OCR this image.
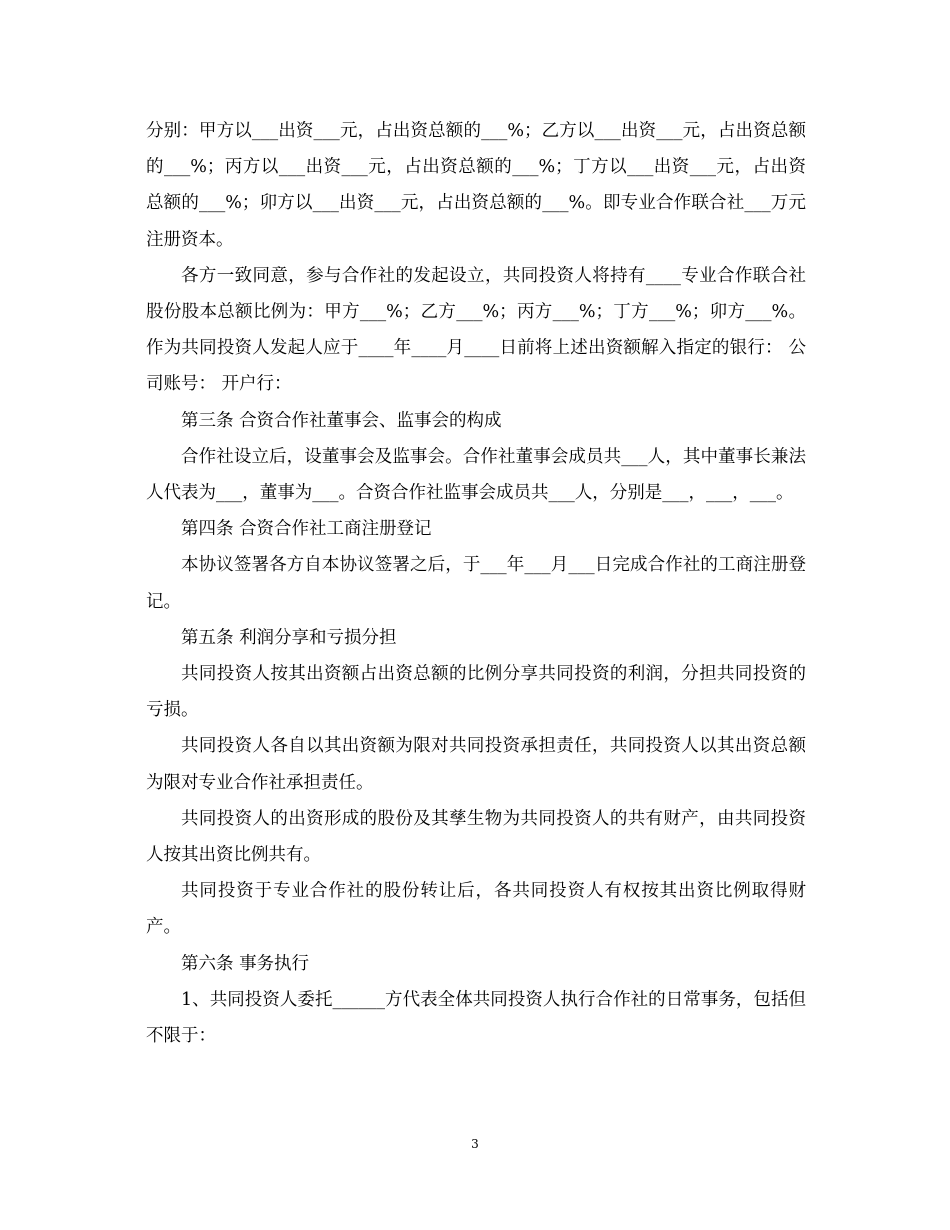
分别：甲方以___出资___元，占出资总额的___%；乙方以___出资___元，占出资总额的___%；丙方以___出资___元，占出资总额的___%；丁方以___出资___元，占出资总额的___%；卯方以___出资___元，占出资总额的___%。即专业合作联合社___万元注册资本。

各方一致同意，参与合作社的发起设立，共同投资人将持有____专业合作联合社股份股本总额比例为：甲方___%；乙方___%；丙方___%；丁方___%；卯方___%。作为共同投资人发起人应于____年____月____日前将上述出资额解入指定的银行： 公司账号： 开户行：

第三条 合资合作社董事会、监事会的构成

合作社设立后，设董事会及监事会。合作社董事会成员共___人，其中董事长兼法人代表为___，董事为___。合资合作社监事会成员共___人，分别是___，___，___。

第四条 合资合作社工商注册登记

本协议签署各方自本协议签署之后，于___年___月___日完成合作社的工商注册登记。

第五条 利润分享和亏损分担

共同投资人按其出资额占出资总额的比例分享共同投资的利润，分担共同投资的亏损。

共同投资人各自以其出资额为限对共同投资承担责任，共同投资人以其出资总额为限对专业合作社承担责任。

共同投资人的出资形成的股份及其孳生物为共同投资人的共有财产，由共同投资人按其出资比例共有。

共同投资于专业合作社的股份转让后，各共同投资人有权按其出资比例取得财产。

第六条 事务执行

1、共同投资人委托______方代表全体共同投资人执行合作社的日常事务，包括但不限于：

3
